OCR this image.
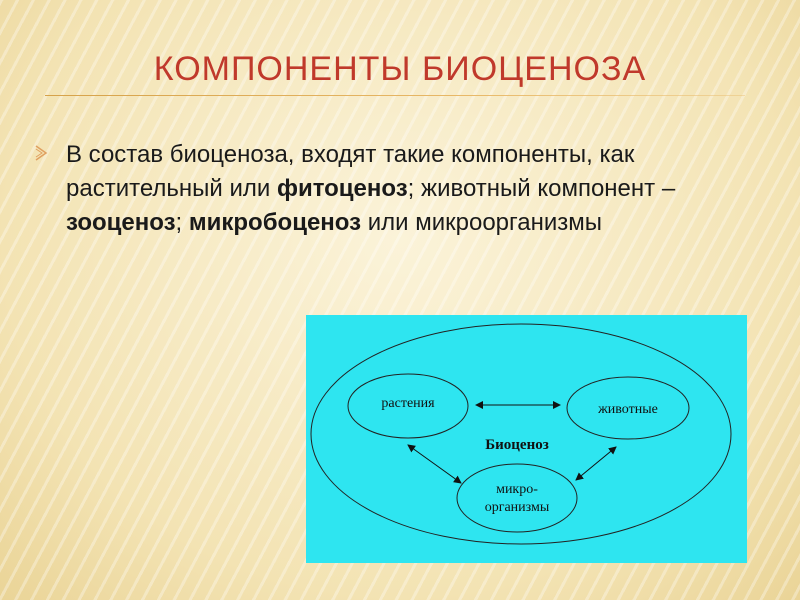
КОМПОНЕНТЫ БИОЦЕНОЗА
В состав биоценоза, входят такие компоненты, как растительный или фитоценоз; животный компонент – зооценоз; микробоценоз или микроорганизмы
растения	животные
Биоценоз
микро-
организмы
